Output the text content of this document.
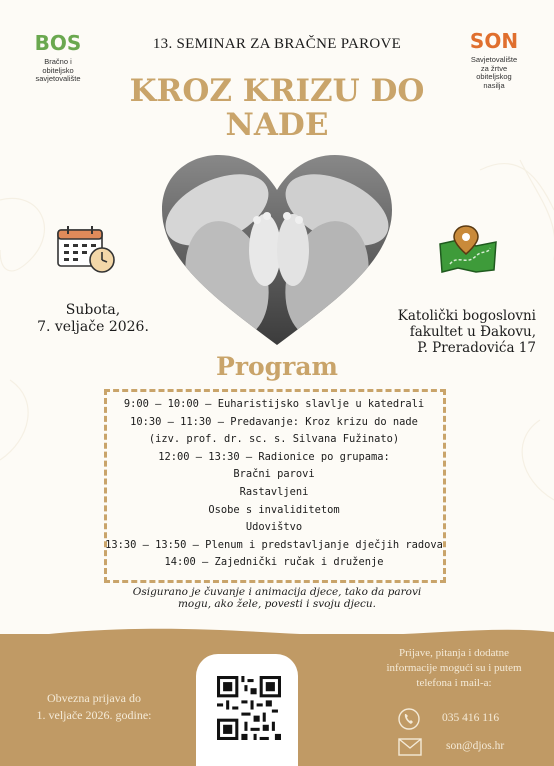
BOS
Bračno i
obiteljsko
savjetovalište
SON
Savjetovalište
za žrtve
obiteljskog
nasilja
13. SEMINAR ZA BRAČNE PAROVE
KROZ KRIZU DO
NADE
Subota,
7. veljače 2026.
Katolički bogoslovni
fakultet u Đakovu,
P. Preradovića 17
Program
9:00 – 10:00 – Euharistijsko slavlje u katedrali
10:30 – 11:30 – Predavanje: Kroz krizu do nade
(izv. prof. dr. sc. s. Silvana Fužinato)
12:00 – 13:30 – Radionice po grupama:
Bračni parovi
Rastavljeni
Osobe s invaliditetom
Udovištvo
13:30 – 13:50 – Plenum i predstavljanje dječjih radova
14:00 – Zajednički ručak i druženje
Osigurano je čuvanje i animacija djece, tako da parovi
mogu, ako žele, povesti i svoju djecu.
Obvezna prijava do
1. veljače 2026. godine:
Prijave, pitanja i dodatne
informacije mogući su i putem
telefona i mail-a:
035 416 116
son@djos.hr
